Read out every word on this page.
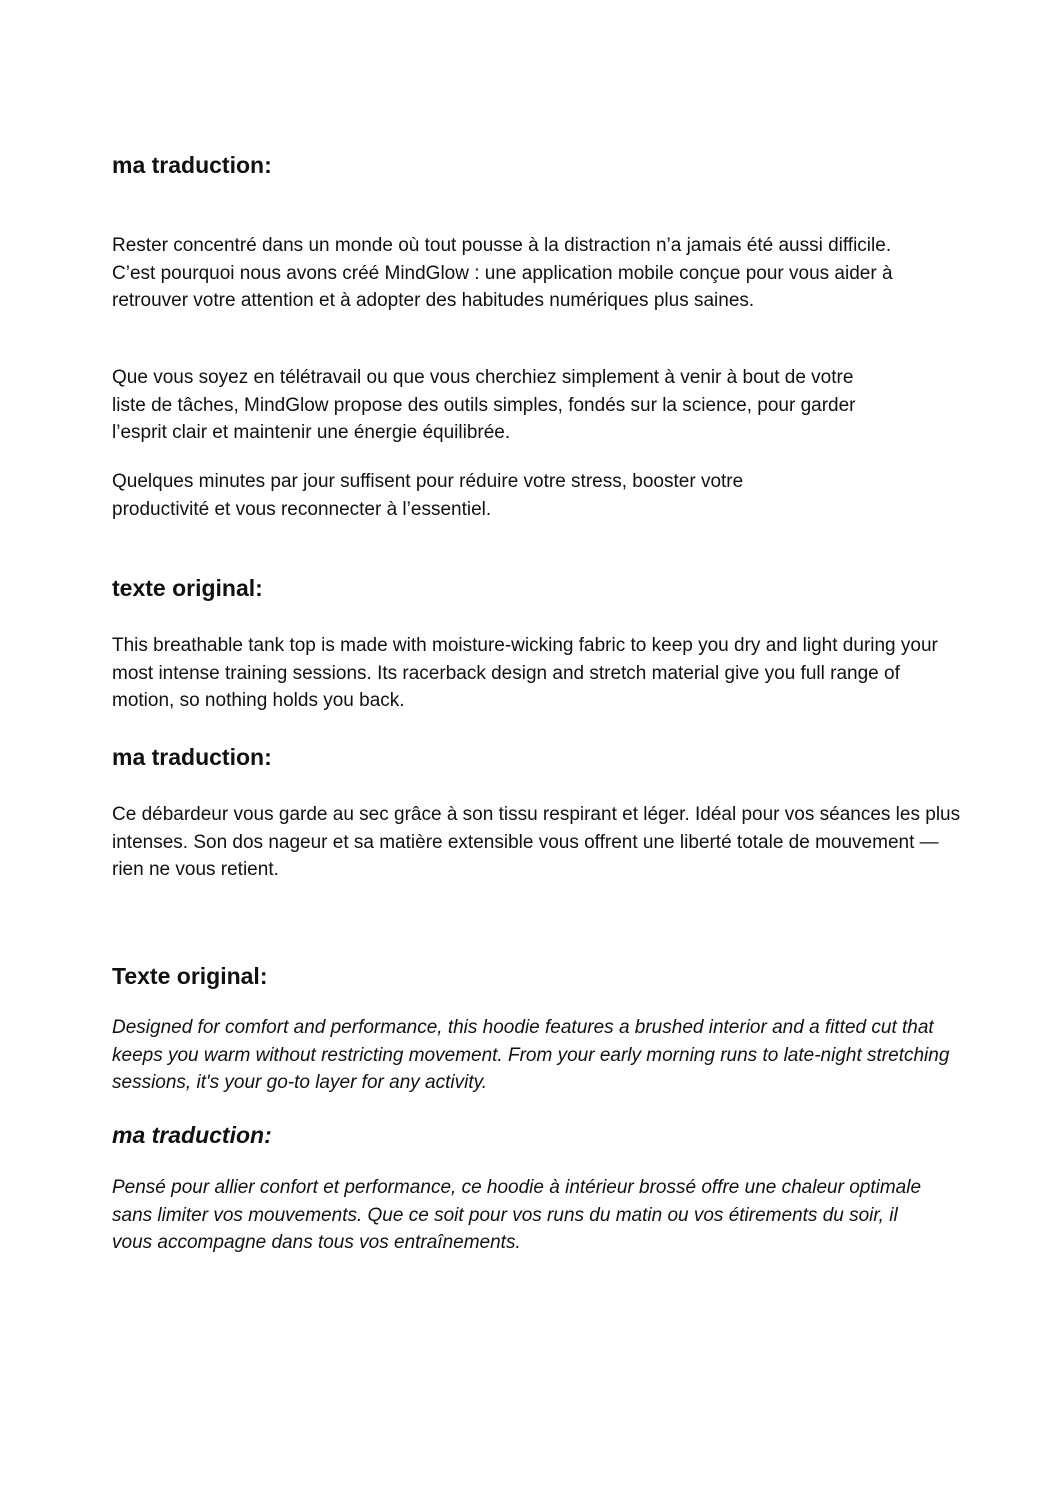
ma traduction:

Rester concentré dans un monde où tout pousse à la distraction n’a jamais été aussi difficile. C’est pourquoi nous avons créé MindGlow : une application mobile conçue pour vous aider à retrouver votre attention et à adopter des habitudes numériques plus saines.

Que vous soyez en télétravail ou que vous cherchiez simplement à venir à bout de votre liste de tâches, MindGlow propose des outils simples, fondés sur la science, pour garder l’esprit clair et maintenir une énergie équilibrée.

Quelques minutes par jour suffisent pour réduire votre stress, booster votre productivité et vous reconnecter à l’essentiel.

texte original:

This breathable tank top is made with moisture-wicking fabric to keep you dry and light during your most intense training sessions. Its racerback design and stretch material give you full range of motion, so nothing holds you back.

ma traduction:

Ce débardeur vous garde au sec grâce à son tissu respirant et léger. Idéal pour vos séances les plus intenses. Son dos nageur et sa matière extensible vous offrent une liberté totale de mouvement — rien ne vous retient.

Texte original:

Designed for comfort and performance, this hoodie features a brushed interior and a fitted cut that keeps you warm without restricting movement. From your early morning runs to late-night stretching sessions, it's your go-to layer for any activity.

ma traduction:

Pensé pour allier confort et performance, ce hoodie à intérieur brossé offre une chaleur optimale sans limiter vos mouvements. Que ce soit pour vos runs du matin ou vos étirements du soir, il vous accompagne dans tous vos entraînements.
